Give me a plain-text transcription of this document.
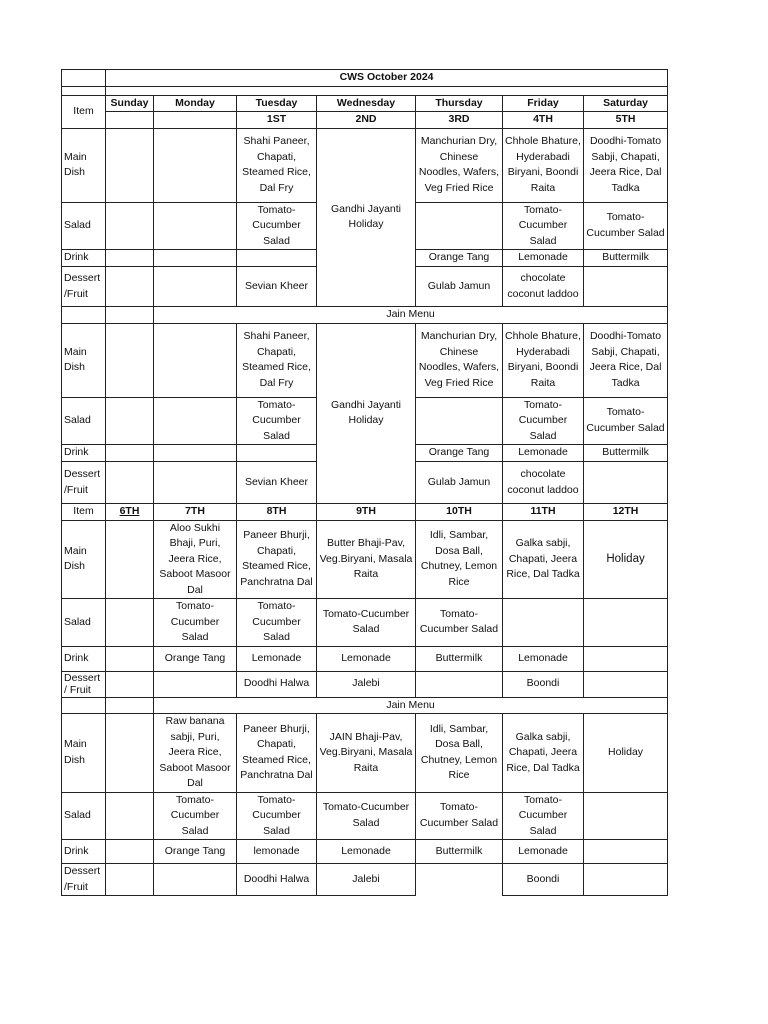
	CWS October 2024						

Item	Sunday	Monday	Tuesday	Wednesday	Thursday	Friday	Saturday
			1ST	2ND	3RD	4TH	5TH
Main Dish			Shahi Paneer, Chapati, Steamed Rice, Dal Fry	Gandhi Jayanti Holiday	Manchurian Dry, Chinese Noodles, Wafers, Veg Fried Rice	Chhole Bhature, Hyderabadi Biryani, Boondi Raita	Doodhi-Tomato Sabji, Chapati, Jeera Rice, Dal Tadka
Salad			Tomato-Cucumber Salad			Tomato-Cucumber Salad	Tomato-Cucumber Salad
Drink					Orange Tang	Lemonade	Buttermilk
Dessert /Fruit			Sevian Kheer		Gulab Jamun	chocolate coconut laddoo	
		Jain Menu					
Main Dish			Shahi Paneer, Chapati, Steamed Rice, Dal Fry	Gandhi Jayanti Holiday	Manchurian Dry, Chinese Noodles, Wafers, Veg Fried Rice	Chhole Bhature, Hyderabadi Biryani, Boondi Raita	Doodhi-Tomato Sabji, Chapati, Jeera Rice, Dal Tadka
Salad			Tomato-Cucumber Salad			Tomato-Cucumber Salad	Tomato-Cucumber Salad
Drink					Orange Tang	Lemonade	Buttermilk
Dessert /Fruit			Sevian Kheer		Gulab Jamun	chocolate coconut laddoo	
Item	6TH	7TH	8TH	9TH	10TH	11TH	12TH
Main Dish		Aloo Sukhi Bhaji, Puri, Jeera Rice, Saboot Masoor Dal	Paneer Bhurji, Chapati, Steamed Rice, Panchratna Dal	Butter Bhaji-Pav, Veg.Biryani, Masala Raita	Idli, Sambar, Dosa Ball, Chutney, Lemon Rice	Galka sabji, Chapati, Jeera Rice, Dal Tadka	Holiday
Salad		Tomato-Cucumber Salad	Tomato-Cucumber Salad	Tomato-Cucumber Salad	Tomato-Cucumber Salad		
Drink		Orange Tang	Lemonade	Lemonade	Buttermilk	Lemonade	
Dessert / Fruit			Doodhi Halwa	Jalebi		Boondi	
		Jain Menu					
Main Dish		Raw banana sabji, Puri, Jeera Rice, Saboot Masoor Dal	Paneer Bhurji, Chapati, Steamed Rice, Panchratna Dal	JAIN Bhaji-Pav, Veg.Biryani, Masala Raita	Idli, Sambar, Dosa Ball, Chutney, Lemon Rice	Galka sabji, Chapati, Jeera Rice, Dal Tadka	Holiday
Salad		Tomato-Cucumber Salad	Tomato-Cucumber Salad	Tomato-Cucumber Salad	Tomato-Cucumber Salad	Tomato-Cucumber Salad	
Drink		Orange Tang	lemonade	Lemonade	Buttermilk	Lemonade	
Dessert /Fruit			Doodhi Halwa	Jalebi		Boondi	
